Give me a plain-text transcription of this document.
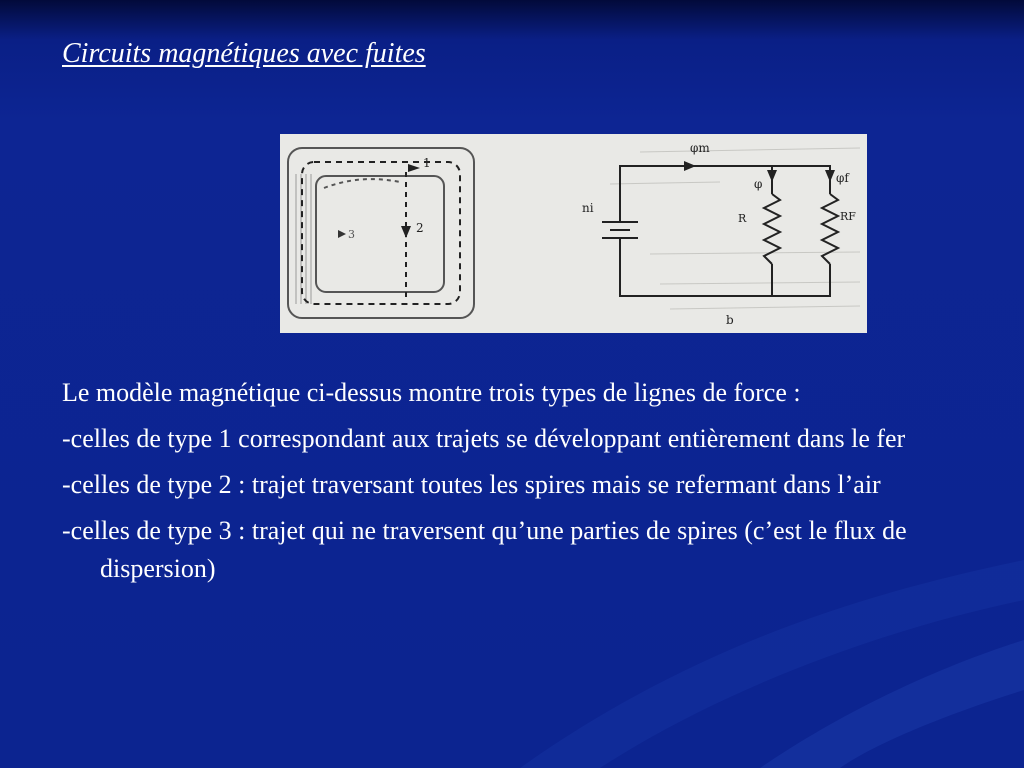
Circuits magnétiques avec fuites
1
2
3
φm
φ	φf
ni
R	RF
b

Le modèle magnétique ci-dessus montre trois types de lignes de force :

-celles de type 1 correspondant aux trajets se développant entièrement dans le fer

-celles de type 2 : trajet traversant toutes les spires mais se refermant dans l’air

-celles de type 3 : trajet qui ne traversent qu’une parties de spires (c’est le flux de dispersion)
